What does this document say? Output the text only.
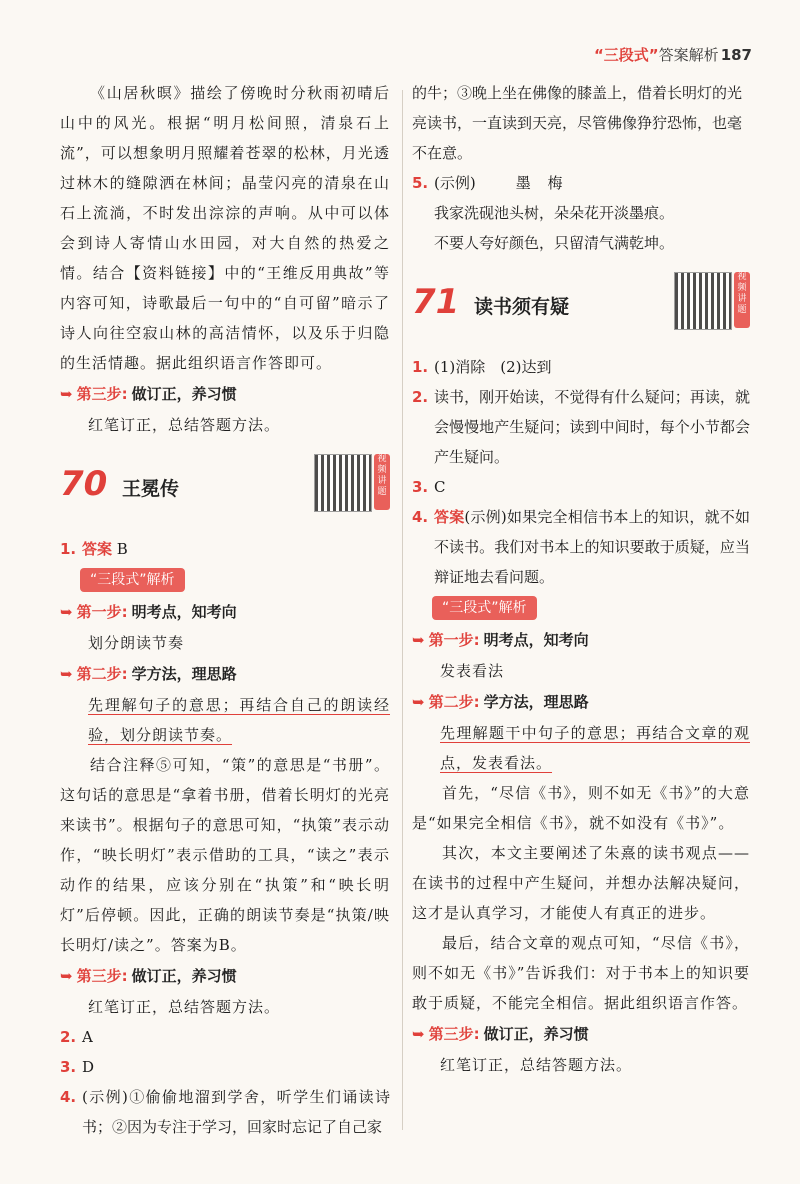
“三段式”答案解析 187

《山居秋暝》描绘了傍晚时分秋雨初晴后山中的风光。根据“明月松间照，清泉石上流”，可以想象明月照耀着苍翠的松林，月光透过林木的缝隙洒在林间；晶莹闪亮的清泉在山石上流淌，不时发出淙淙的声响。从中可以体会到诗人寄情山水田园，对大自然的热爱之情。结合【资料链接】中的“王维反用典故”等内容可知，诗歌最后一句中的“自可留”暗示了诗人向往空寂山林的高洁情怀，以及乐于归隐的生活情趣。据此组织语言作答即可。

➥ 第三步: 做订正，养习惯

红笔订正，总结答题方法。

70 王冕传
视频讲题

1. 答案 B

“三段式”解析

➥ 第一步: 明考点，知考向

划分朗读节奏

➥ 第二步: 学方法，理思路

先理解句子的意思；再结合自己的朗读经验，划分朗读节奏。

结合注释⑤可知，“策”的意思是“书册”。这句话的意思是“拿着书册，借着长明灯的光亮来读书”。根据句子的意思可知，“执策”表示动作，“映长明灯”表示借助的工具，“读之”表示动作的结果，应该分别在“执策”和“映长明灯”后停顿。因此，正确的朗读节奏是“执策/映长明灯/读之”。答案为B。

➥ 第三步: 做订正，养习惯

红笔订正，总结答题方法。

2. A

3. D

4. (示例)①偷偷地溜到学舍，听学生们诵读诗书；②因为专注于学习，回家时忘记了自己家

的牛；③晚上坐在佛像的膝盖上，借着长明灯的光亮读书，一直读到天亮，尽管佛像狰狞恐怖，也毫不在意。

5. (示例)	墨 梅

我家洗砚池头树，朵朵花开淡墨痕。

不要人夸好颜色，只留清气满乾坤。

71 读书须有疑
视频讲题

1. (1)消除　(2)达到

2. 读书，刚开始读，不觉得有什么疑问；再读，就会慢慢地产生疑问；读到中间时，每个小节都会产生疑问。

3. C

4. 答案(示例)如果完全相信书本上的知识，就不如不读书。我们对书本上的知识要敢于质疑，应当辩证地去看问题。

“三段式”解析

➥ 第一步: 明考点，知考向

发表看法

➥ 第二步: 学方法，理思路

先理解题干中句子的意思；再结合文章的观点，发表看法。

首先，“尽信《书》，则不如无《书》”的大意是“如果完全相信《书》，就不如没有《书》”。

其次，本文主要阐述了朱熹的读书观点——在读书的过程中产生疑问，并想办法解决疑问，这才是认真学习，才能使人有真正的进步。

最后，结合文章的观点可知，“尽信《书》，则不如无《书》”告诉我们：对于书本上的知识要敢于质疑，不能完全相信。据此组织语言作答。

➥ 第三步: 做订正，养习惯

红笔订正，总结答题方法。
